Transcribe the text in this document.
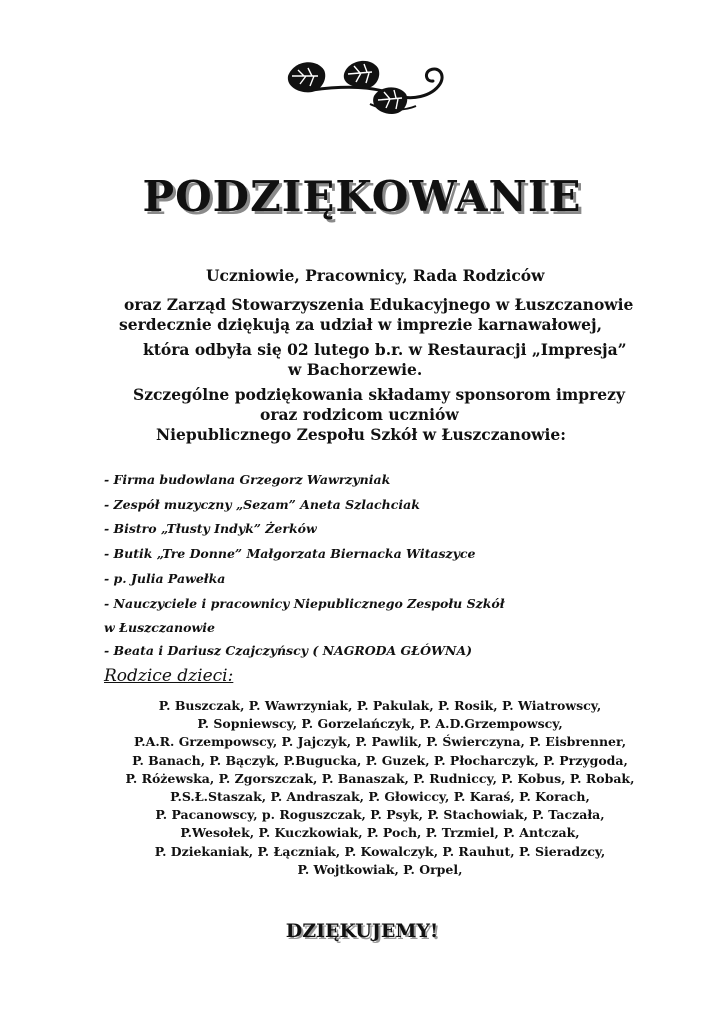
PODZIĘKOWANIE
Uczniowie, Pracownicy, Rada Rodziców
oraz Zarząd Stowarzyszenia Edukacyjnego w Łuszczanowie
serdecznie dziękują za udział w imprezie karnawałowej,
która odbyła się 02 lutego b.r. w Restauracji „Impresja”
w Bachorzewie.
Szczególne podziękowania składamy sponsorom imprezy
oraz rodzicom uczniów
Niepublicznego Zespołu Szkół w Łuszczanowie:
- Firma budowlana Grzegorz Wawrzyniak
- Zespół muzyczny „Sezam” Aneta Szlachciak
- Bistro „Tłusty Indyk” Żerków
- Butik „Tre Donne” Małgorzata Biernacka Witaszyce
- p. Julia Pawełka
- Nauczyciele i pracownicy Niepublicznego Zespołu Szkół
w Łuszczanowie
- Beata i Dariusz Czajczyńscy ( NAGRODA GŁÓWNA)
Rodzice dzieci:
P. Buszczak, P. Wawrzyniak, P. Pakulak, P. Rosik, P. Wiatrowscy,
P. Sopniewscy, P. Gorzelańczyk, P. A.D.Grzempowscy,
P.A.R. Grzempowscy, P. Jajczyk, P. Pawlik, P. Świerczyna, P. Eisbrenner,
P. Banach, P. Bączyk, P.Bugucka, P. Guzek, P. Płocharczyk, P. Przygoda,
P. Różewska, P. Zgorszczak, P. Banaszak, P. Rudniccy, P. Kobus, P. Robak,
P.S.Ł.Staszak, P. Andraszak, P. Głowiccy, P. Karaś, P. Korach,
P. Pacanowscy, p. Roguszczak, P. Psyk, P. Stachowiak, P. Taczała,
P.Wesołek, P. Kuczkowiak, P. Poch, P. Trzmiel, P. Antczak,
P. Dziekaniak, P. Łączniak, P. Kowalczyk, P. Rauhut, P. Sieradzcy,
P. Wojtkowiak, P. Orpel,

DZIĘKUJEMY!
